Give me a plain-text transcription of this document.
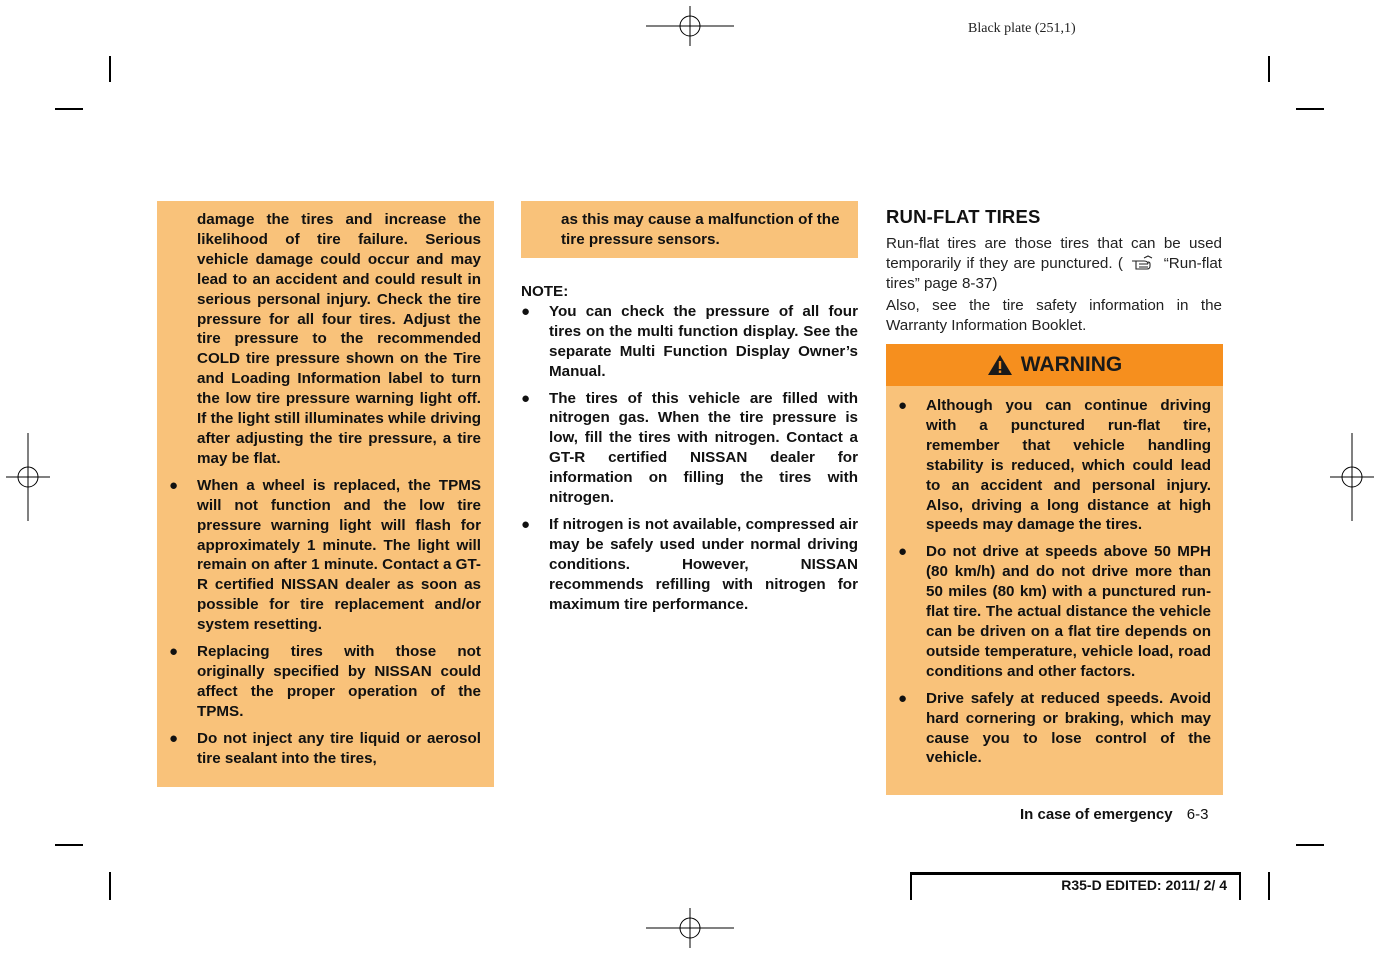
Black plate (251,1)

damage the tires and increase the likelihood of tire failure. Serious vehicle damage could occur and may lead to an accident and could result in serious personal injury. Check the tire pressure for all four tires. Adjust the tire pressure to the recommended COLD tire pressure shown on the Tire and Loading Information label to turn the low tire pressure warning light off. If the light still illuminates while driving after adjusting the tire pressure, a tire may be flat.

● When a wheel is replaced, the TPMS will not function and the low tire pressure warning light will flash for approximately 1 minute. The light will remain on after 1 minute. Contact a GT-R certified NISSAN dealer as soon as possible for tire replacement and/or system resetting.
● Replacing tires with those not originally specified by NISSAN could affect the proper operation of the TPMS.
● Do not inject any tire liquid or aerosol tire sealant into the tires,

as this may cause a malfunction of the tire pressure sensors.

NOTE:
● You can check the pressure of all four tires on the multi function display. See the separate Multi Function Display Owner’s Manual.
● The tires of this vehicle are filled with nitrogen gas. When the tire pressure is low, fill the tires with nitrogen. Contact a GT-R certified NISSAN dealer for information on filling the tires with nitrogen.
● If nitrogen is not available, compressed air may be safely used under normal driving conditions. However, NISSAN recommends refilling with nitrogen for maximum tire performance.
RUN-FLAT TIRES
Run-flat tires are those tires that can be used temporarily if they are punctured. (	“Run-flat tires” page 8-37)
Also, see the tire safety information in the Warranty Information Booklet.
WARNING
● Although you can continue driving with a punctured run-flat tire, remember that vehicle handling stability is reduced, which could lead to an accident and personal injury. Also, driving a long distance at high speeds may damage the tires.
● Do not drive at speeds above 50 MPH (80 km/h) and do not drive more than 50 miles (80 km) with a punctured run-flat tire. The actual distance the vehicle can be driven on a flat tire depends on outside temperature, vehicle load, road conditions and other factors.
● Drive safely at reduced speeds. Avoid hard cornering or braking, which may cause you to lose control of the vehicle.
In case of emergency 6-3
R35-D EDITED: 2011/ 2/ 4
